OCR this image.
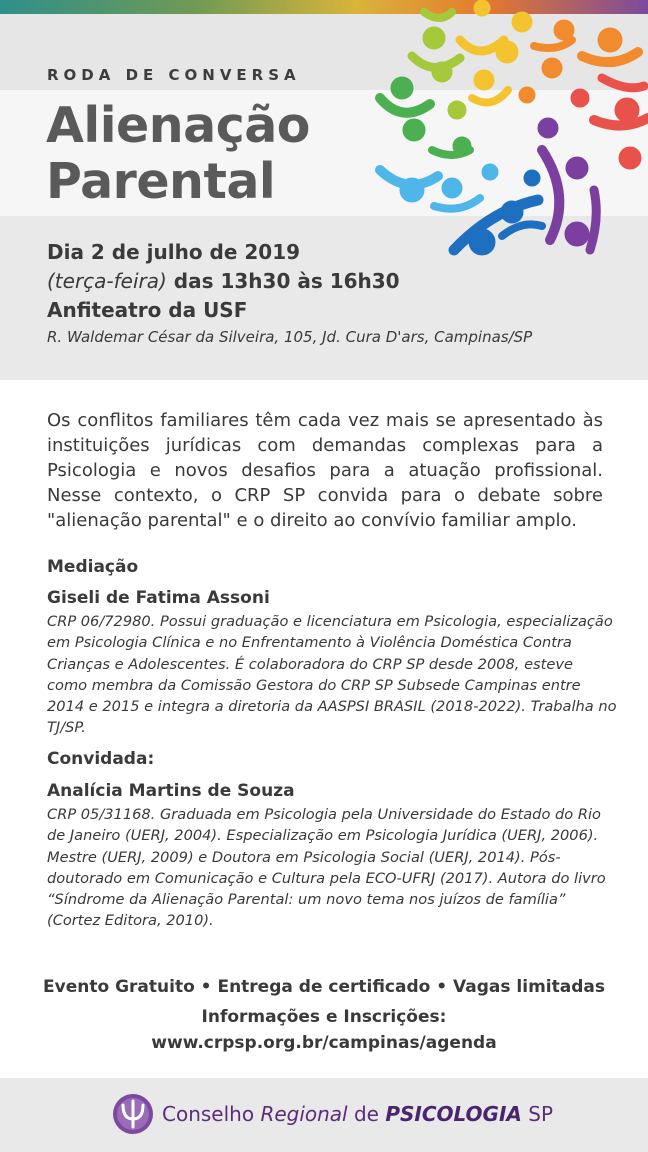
RODA DE CONVERSA
Alienação
Parental
Dia 2 de julho de 2019
(terça-feira) das 13h30 às 16h30
Anfiteatro da USF
R. Waldemar César da Silveira, 105, Jd. Cura D'ars, Campinas/SP
Os conflitos familiares têm cada vez mais se apresentado às instituições jurídicas com demandas complexas para a Psicologia e novos desafios para a atuação profissional. Nesse contexto, o CRP SP convida para o debate sobre "alienação parental" e o direito ao convívio familiar amplo.
Mediação
Giseli de Fatima Assoni
CRP 06/72980. Possui graduação e licenciatura em Psicologia, especialização em Psicologia Clínica e no Enfrentamento à Violência Doméstica Contra Crianças e Adolescentes. É colaboradora do CRP SP desde 2008, esteve como membra da Comissão Gestora do CRP SP Subsede Campinas entre 2014 e 2015 e integra a diretoria da AASPSI BRASIL (2018-2022). Trabalha no TJ/SP.
Convidada:
Analícia Martins de Souza
CRP 05/31168. Graduada em Psicologia pela Universidade do Estado do Rio de Janeiro (UERJ, 2004). Especialização em Psicologia Jurídica (UERJ, 2006). Mestre (UERJ, 2009) e Doutora em Psicologia Social (UERJ, 2014). Pós-doutorado em Comunicação e Cultura pela ECO-UFRJ (2017). Autora do livro “Síndrome da Alienação Parental: um novo tema nos juízos de família” (Cortez Editora, 2010).
Evento Gratuito • Entrega de certificado • Vagas limitadas
Informações e Inscrições:
www.crpsp.org.br/campinas/agenda
Conselho Regional de PSICOLOGIA SP
